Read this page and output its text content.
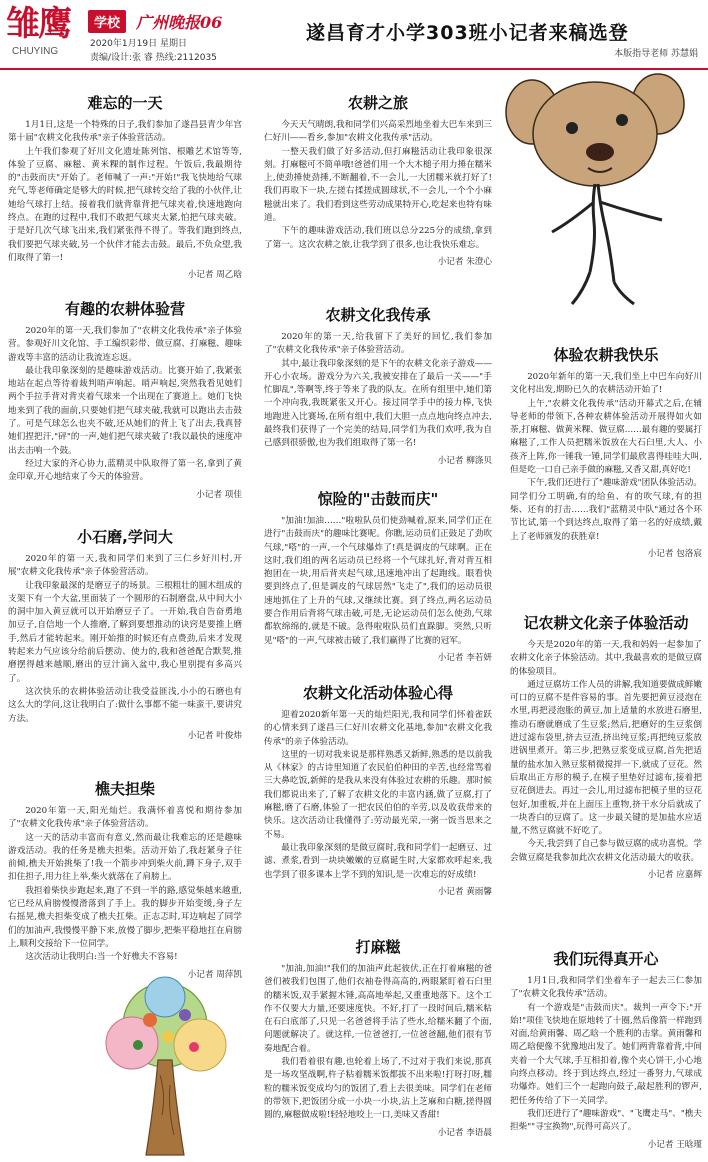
雏鹰
CHUYING
学校 广州晚报06
2020年1月19日 星期日
责编/设计:张 睿 热线:2112035
遂昌育才小学303班小记者来稿选登
本版指导老师 苏慧娟
难忘的一天

1月1日,这是一个特殊的日子,我们参加了遂昌县青少年宫第十届"农耕文化我传承"亲子体验营活动。

上午我们参观了好川文化遗址陈列馆、根雕艺术馆等等,体验了豆腐、麻糍、黄米粿的制作过程。午饭后,我最期待的"击鼓而庆"开始了。老师喊了一声:"开始!"我飞快地给气球充气,等老师确定是够大的时候,把气球转交给了我的小伙伴,让她给气球打上结。接着我们就背靠背把气球夹着,快速地跑向终点。在跑的过程中,我们不敢把气球夹太紧,怕把气球夹破。于是好几次气球飞出来,我们紧张得不得了。等我们跑到终点,我们要把气球夹破,另一个伙伴才能去击鼓。最后,不负众望,我们取得了第一!

小记者 周乙晗
有趣的农耕体验营

2020年的第一天,我们参加了"农耕文化我传承"亲子体验营。参观好川文化馆、手工编织彩带、做豆腐、打麻糍、趣味游戏等丰富的活动让我流连忘返。

最让我印象深刻的是趣味游戏活动。比赛开始了,我紧张地站在起点等待着裁判哨声响起。哨声响起,突然我看见她们两个手拉手背对背夹着气球来一个出现在了赛道上。她们飞快地来到了我的面前,只要她们把气球夹破,我就可以跑出去击鼓了。可是气球怎么也夹不破,还从她们的背上飞了出去,我真替她们捏把汗,"砰"的一声,她们把气球夹破了!我以最快的速度冲出去击响一个鼓。

经过大家的齐心协力,蓝精灵中队取得了第一名,拿到了黄金印章,开心地结束了今天的体验营。

小记者 项佳
小石磨,学问大

2020年的第一天,我和同学们来到了三仁乡好川村,开展"农耕文化我传承"亲子体验营活动。

让我印象最深的是磨豆子的场景。三根粗壮的圆木组成的支架下有一个大盆,里面装了一个圆形的石制磨盘,从中间大小的洞中加入黄豆就可以开始磨豆子了。一开始,我自告奋勇地加豆子,自信地一个人推磨,了解到要想推动的诀窍是要推上磨手,然后才能转起来。刚开始推的时候还有点费劲,后来才发现转起来力气应该分给前后摆动、使力的,我和爸爸配合默契,推磨摆得越来越顺,磨出的豆汁滴入盆中,我心里别提有多高兴了。

这次快乐的农耕体验活动让我受益匪浅,小小的石磨也有这么大的学问,这让我明白了:做什么事都不能一味蛮干,要讲究方法。

小记者 叶俊炜
樵夫担柴

2020年第一天,阳光灿烂。我满怀着喜悦和期待参加了"农耕文化我传承"亲子体验营活动。

这一天的活动丰富而有意义,然而最让我难忘的还是趣味游戏活动。我的任务是樵夫担柴。活动开始了,我赶紧身子往前倾,樵夫开始挑柴了!我一个箭步冲到柴火前,蹲下身子,双手扣住担子,用力往上举,柴火就落在了肩膀上。

我担着柴快步跑起来,跑了不到一半的路,感觉柴越来越重,它已经从肩膀慢慢滑落到了手上。我的脚步开始变缓,身子左右摇晃,樵夫担柴变成了樵夫扛柴。正志忑时,耳边响起了同学们的加油声,我慢慢平静下来,放慢了脚步,把柴平稳地扛在肩膀上,顺利交接给下一位同学。

这次活动让我明白:当一个好樵夫不容易!

小记者 周萍凯
农耕之旅

今天天气晴朗,我和同学们兴高采烈地坐着大巴车来到三仁好川——看乡,参加"农耕文化我传承"活动。

一整天我们做了好多活动,但打麻糍活动让我印象很深刻。打麻糍可不简单哦!爸爸们用一个大木槌子用力捶在糯米上,使劲捶使劲捶,不断翻着,不一会儿,一大团糯米就打好了!我们再取下一块,左搓右揉搓成圆球状,不一会儿,一个个小麻糍就出来了。我们看到这些劳动成果特开心,吃起来也特有味道。

下午的趣味游戏活动,我们班以总分225分的成绩,拿到了第一。这次农耕之旅,让我学到了很多,也让我快乐难忘。

小记者 朱澄心
农耕文化我传承

2020年的第一天,给我留下了美好的回忆,我们参加了"农耕文化我传承"亲子体验营活动。

其中,最让我印象深刻的是下午的农耕文化亲子游戏——开心小农场。游戏分为六关,我被安排在了最后一关——"手忙脚乱",等啊等,终于等来了我的队友。在所有组里中,她们第一个冲向我,我既紧张又开心。接过同学手中的接力棒,飞快地跑进入比赛场,在所有组中,我们大胆一点点地向终点冲去,最终我们获得了一个完美的结局,同学们为我们欢呼,我为自己感到很骄傲,也为我们组取得了第一名!

小记者 柳涤贝
惊险的"击鼓而庆"

"加油!加油……"啦啦队员们使劲喊着,原来,同学们正在进行"击鼓而庆"的趣味比赛呢。你瞧,运动员们正鼓足了劲吹气球,"嗒"的一声,一个气球爆炸了!真是调皮的气球啊。正在这时,我们组的两名运动员已经将一个气球扎好,背对背互相抱团在一块,用后背夹起气球,迅速地冲出了起跑线。眼看快要到终点了,但是调皮的气球居然"飞走了",我们的运动员很速地抓住了上升的气球,又继续比赛。到了终点,两名运动员要合作用后背将气球击破,可是,无论运动员们怎么使劲,气球都软绵绵的,就是不破。急得啦啦队员们直跺脚。突然,只听见"嗒"的一声,气球被击破了,我们赢得了比赛的冠军。

小记者 李若妍
农耕文化活动体验心得

迎着2020新年第一天的灿烂阳光,我和同学们怀着雀跃的心情来到了遂昌三仁好川农耕文化基地,参加"农耕文化我传承"的亲子体验活动。

这里的一切对我来说是那样熟悉又新鲜,熟悉的是以前我从《林家》的古诗里知道了农民伯伯种田的辛苦,也经常骂着三大鼻吃饭,新鲜的是我从来没有体验过农耕的乐趣。那时候我们都说出来了,了解了农耕文化的丰富内涵,做了豆腐,打了麻糍,磨了石磨,体验了一把农民伯伯的辛劳,以及收获带来的快乐。这次活动让我懂得了:劳动最光荣,一粥一饭当思来之不易。

最让我印象深刻的是做豆腐时,我和同学们一起磨豆、过滤、煮浆,看到一块块嫩嫩的豆腐诞生时,大家都欢呼起来,我也学到了很多课本上学不到的知识,是一次难忘的好成绩!

小记者 黄雨馨
打麻糍

"加油,加油!"我们的加油声此起彼伏,正在打着麻糍的爸爸们被我们包围了,他们衣袖卷得高高的,两眼紧盯着石臼里的糯米饭,双手紧握木锤,高高地举起,又重重地落下。这个工作不仅要大力量,还要速度快。不好,打了一段时间后,糯米粘在石臼底部了,只见一名爸爸将手沾了些水,给糯米翻了个面,问题就解决了。就这样,一位爸爸打,一位爸爸翻,他们很有节奏地配合着。

我们看着很有趣,也轮着上场了,不过对于我们来说,那真是一场攻坚战啊,杵子粘着糯米饭都拔不出来啦!打呀打呀,糯粒的糯米饭变成均匀的饭团了,看上去很美味。同学们在老师的带领下,把饭团分成一小块一小块,沾上芝麻和白糖,搓得圆圆的,麻糍做成啦!轻轻地咬上一口,美味又香甜!

小记者 李语晨
体验农耕我快乐

2020年新年的第一天,我们坐上中巴车向好川文化村出发,期盼已久的农耕活动开始了!

上午,"农耕文化我传承"活动开幕式之后,在辅导老师的带领下,各种农耕体验活动开展得如火如荼,打麻糍、做黄米粿、做豆腐……最有趣的要属打麻糍了,工作人员把糯米饭放在大石臼里,大人、小孩齐上阵,你一锤我一锤,同学们最欣喜得哇哇大叫,但是吃一口自己亲手做的麻糍,又香又甜,真好吃!

下午,我们还进行了"趣味游戏"团队体验活动。同学们分工明确,有的给鱼、有的吹气球,有的担柴、还有的打击……我们"蓝精灵中队"通过各个环节比试,第一个到达终点,取得了第一名的好成绩,戴上了老师颁发的获胜章!

小记者 包洛宸
记农耕文化亲子体验活动

今天是2020年的第一天,我和妈妈一起参加了农耕文化亲子体验活动。其中,我最喜欢的是做豆腐的体验项目。

通过豆腐坊工作人员的讲解,我知道要做成鲜嫩可口的豆腐不是件容易的事。首先要把黄豆浸泡在水里,再把浸泡胀的黄豆,加上适量的水放进石磨里,推动石磨就磨成了生豆浆;然后,把磨好的生豆浆倒进过滤布袋里,挤去豆渣,挤出纯豆浆;再把纯豆浆放进锅里煮开。第三步,把熟豆浆变成豆腐,首先把适量的盐水加入熟豆浆稍微搅拌一下,就成了豆花。然后取出正方形的模子,在模子里垫好过滤布,接着把豆花倒进去。再过一会儿,用过滤布把模子里的豆花包好,加重板,并在上面压上重物,挤干水分后就成了一块香白的豆腐了。这一步最关键的是加盐水应适量,不然豆腐就不好吃了。

今天,我尝到了自己参与做豆腐的成功喜悦。学会做豆腐是我参加此次农耕文化活动最大的收获。

小记者 应嘉辉
我们玩得真开心

1月1日,我和同学们坐着车子一起去三仁参加了"农耕文化我传承"活动。

有一个游戏是"击鼓而庆"。裁判一声令下:"开始!"项佳飞快地在原地转了十圈,然后像箭一样跑到对面,给黄雨馨、周乙晗一个胜利的击掌。黄雨馨和周乙晗便像不犹豫地出发了。她们两背靠着背,中间夹着一个大气球,手互相扣着,像个夹心饼干,小心地向终点移动。终于到达终点,经过一番努力,气球成功爆炸。她们三个一起跑向鼓子,敲起胜利的锣声,把任务传给了下一关同学。

我们还进行了"趣味游戏"、"飞鹰走马"、"樵夫担柴""寻宝换物",玩得可高兴了。

小记者 王晗瑾
